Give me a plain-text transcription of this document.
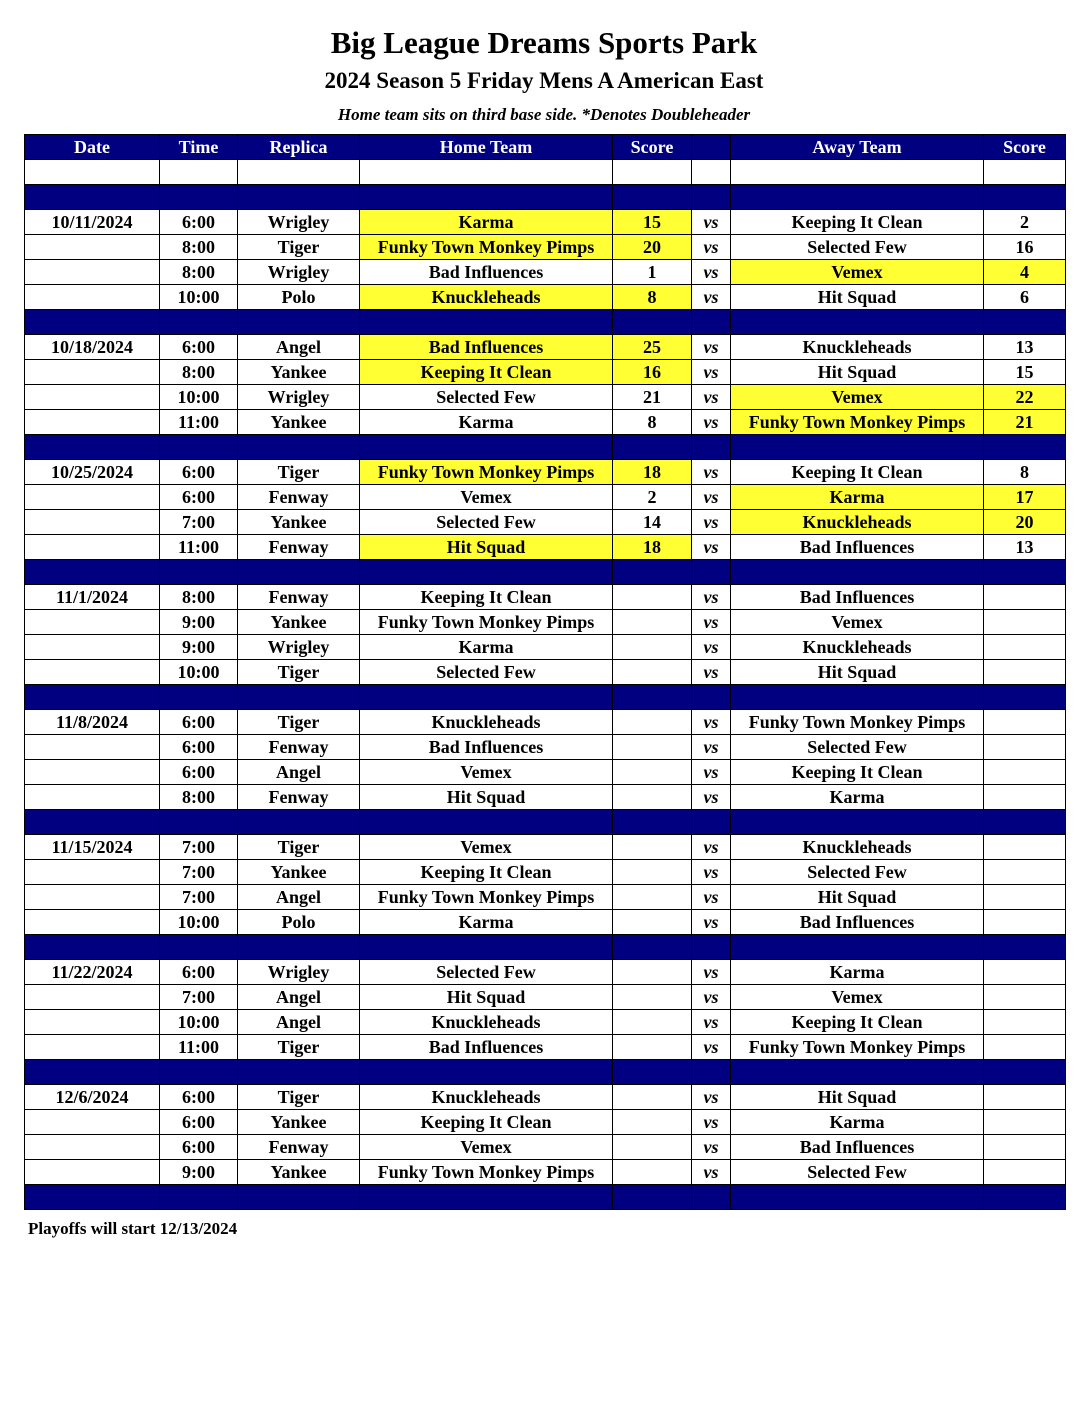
Big League Dreams Sports Park
2024 Season 5 Friday Mens A American East
Home team sits on third base side. *Denotes Doubleheader
Date	Time	Replica	Home Team	Score		Away Team	Score

10/11/2024	6:00	Wrigley	Karma	15	vs	Keeping It Clean	2
	8:00	Tiger	Funky Town Monkey Pimps	20	vs	Selected Few	16
	8:00	Wrigley	Bad Influences	1	vs	Vemex	4
	10:00	Polo	Knuckleheads	8	vs	Hit Squad	6

10/18/2024	6:00	Angel	Bad Influences	25	vs	Knuckleheads	13
	8:00	Yankee	Keeping It Clean	16	vs	Hit Squad	15
	10:00	Wrigley	Selected Few	21	vs	Vemex	22
	11:00	Yankee	Karma	8	vs	Funky Town Monkey Pimps	21

10/25/2024	6:00	Tiger	Funky Town Monkey Pimps	18	vs	Keeping It Clean	8
	6:00	Fenway	Vemex	2	vs	Karma	17
	7:00	Yankee	Selected Few	14	vs	Knuckleheads	20
	11:00	Fenway	Hit Squad	18	vs	Bad Influences	13

11/1/2024	8:00	Fenway	Keeping It Clean		vs	Bad Influences	
	9:00	Yankee	Funky Town Monkey Pimps		vs	Vemex	
	9:00	Wrigley	Karma		vs	Knuckleheads	
	10:00	Tiger	Selected Few		vs	Hit Squad	

11/8/2024	6:00	Tiger	Knuckleheads		vs	Funky Town Monkey Pimps	
	6:00	Fenway	Bad Influences		vs	Selected Few	
	6:00	Angel	Vemex		vs	Keeping It Clean	
	8:00	Fenway	Hit Squad		vs	Karma	

11/15/2024	7:00	Tiger	Vemex		vs	Knuckleheads	
	7:00	Yankee	Keeping It Clean		vs	Selected Few	
	7:00	Angel	Funky Town Monkey Pimps		vs	Hit Squad	
	10:00	Polo	Karma		vs	Bad Influences	

11/22/2024	6:00	Wrigley	Selected Few		vs	Karma	
	7:00	Angel	Hit Squad		vs	Vemex	
	10:00	Angel	Knuckleheads		vs	Keeping It Clean	
	11:00	Tiger	Bad Influences		vs	Funky Town Monkey Pimps	

12/6/2024	6:00	Tiger	Knuckleheads		vs	Hit Squad	
	6:00	Yankee	Keeping It Clean		vs	Karma	
	6:00	Fenway	Vemex		vs	Bad Influences	
	9:00	Yankee	Funky Town Monkey Pimps		vs	Selected Few	

Playoffs will start 12/13/2024
